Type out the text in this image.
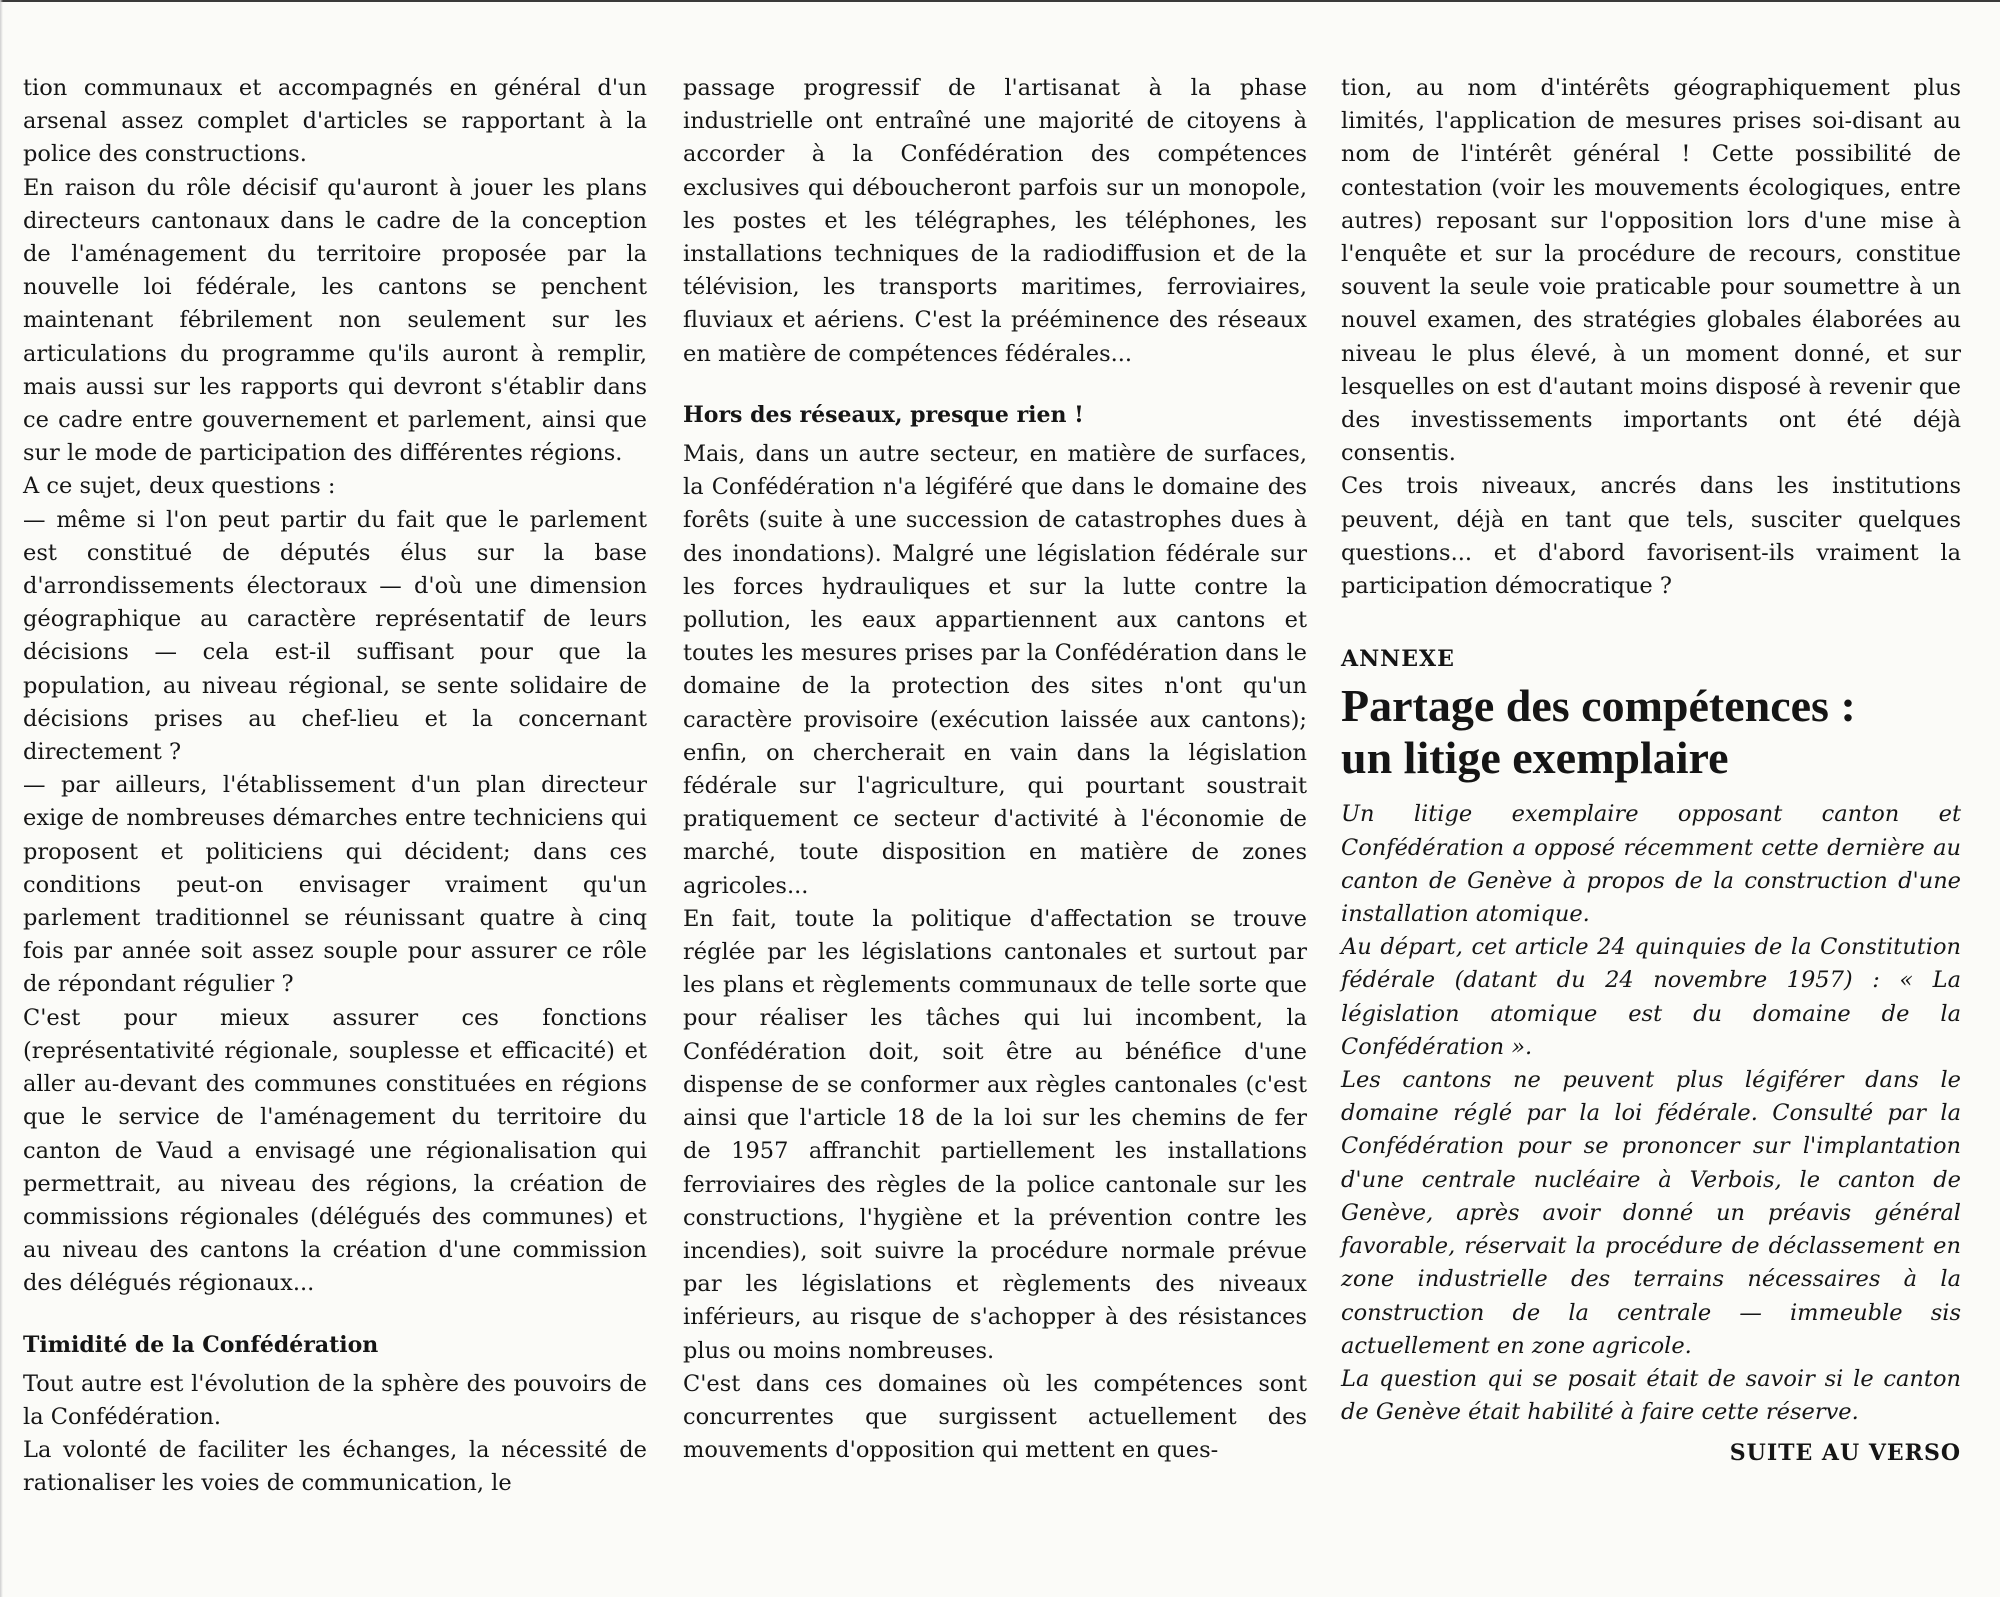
tion communaux et accompagnés en général d'un arsenal assez complet d'articles se rapportant à la police des constructions.

En raison du rôle décisif qu'auront à jouer les plans directeurs cantonaux dans le cadre de la conception de l'aménagement du territoire proposée par la nouvelle loi fédérale, les cantons se penchent maintenant fébrilement non seulement sur les articulations du programme qu'ils auront à remplir, mais aussi sur les rapports qui devront s'établir dans ce cadre entre gouvernement et parlement, ainsi que sur le mode de participation des différentes régions.

A ce sujet, deux questions :

— même si l'on peut partir du fait que le parlement est constitué de députés élus sur la base d'arrondissements électoraux — d'où une dimension géographique au caractère représentatif de leurs décisions — cela est-il suffisant pour que la population, au niveau régional, se sente solidaire de décisions prises au chef-lieu et la concernant directement ?

— par ailleurs, l'établissement d'un plan directeur exige de nombreuses démarches entre techniciens qui proposent et politiciens qui décident; dans ces conditions peut-on envisager vraiment qu'un parlement traditionnel se réunissant quatre à cinq fois par année soit assez souple pour assurer ce rôle de répondant régulier ?

C'est pour mieux assurer ces fonctions (représentativité régionale, souplesse et efficacité) et aller au-devant des communes constituées en régions que le service de l'aménagement du territoire du canton de Vaud a envisagé une régionalisation qui permettrait, au niveau des régions, la création de commissions régionales (délégués des communes) et au niveau des cantons la création d'une commission des délégués régionaux...

Timidité de la Confédération

Tout autre est l'évolution de la sphère des pouvoirs de la Confédération.

La volonté de faciliter les échanges, la nécessité de rationaliser les voies de communication, le

passage progressif de l'artisanat à la phase industrielle ont entraîné une majorité de citoyens à accorder à la Confédération des compétences exclusives qui déboucheront parfois sur un monopole, les postes et les télégraphes, les téléphones, les installations techniques de la radiodiffusion et de la télévision, les transports maritimes, ferroviaires, fluviaux et aériens. C'est la prééminence des réseaux en matière de compétences fédérales...

Hors des réseaux, presque rien !

Mais, dans un autre secteur, en matière de surfaces, la Confédération n'a légiféré que dans le domaine des forêts (suite à une succession de catastrophes dues à des inondations). Malgré une législation fédérale sur les forces hydrauliques et sur la lutte contre la pollution, les eaux appartiennent aux cantons et toutes les mesures prises par la Confédération dans le domaine de la protection des sites n'ont qu'un caractère provisoire (exécution laissée aux cantons); enfin, on chercherait en vain dans la législation fédérale sur l'agriculture, qui pourtant soustrait pratiquement ce secteur d'activité à l'économie de marché, toute disposition en matière de zones agricoles...

En fait, toute la politique d'affectation se trouve réglée par les législations cantonales et surtout par les plans et règlements communaux de telle sorte que pour réaliser les tâches qui lui incombent, la Confédération doit, soit être au bénéfice d'une dispense de se conformer aux règles cantonales (c'est ainsi que l'article 18 de la loi sur les chemins de fer de 1957 affranchit partiellement les installations ferroviaires des règles de la police cantonale sur les constructions, l'hygiène et la prévention contre les incendies), soit suivre la procédure normale prévue par les législations et règlements des niveaux inférieurs, au risque de s'achopper à des résistances plus ou moins nombreuses.

C'est dans ces domaines où les compétences sont concurrentes que surgissent actuellement des mouvements d'opposition qui mettent en ques-

tion, au nom d'intérêts géographiquement plus limités, l'application de mesures prises soi-disant au nom de l'intérêt général ! Cette possibilité de contestation (voir les mouvements écologiques, entre autres) reposant sur l'opposition lors d'une mise à l'enquête et sur la procédure de recours, constitue souvent la seule voie praticable pour soumettre à un nouvel examen, des stratégies globales élaborées au niveau le plus élevé, à un moment donné, et sur lesquelles on est d'autant moins disposé à revenir que des investissements importants ont été déjà consentis.

Ces trois niveaux, ancrés dans les institutions peuvent, déjà en tant que tels, susciter quelques questions... et d'abord favorisent-ils vraiment la participation démocratique ?

ANNEXE

Partage des compétences :
un litige exemplaire

Un litige exemplaire opposant canton et Confédération a opposé récemment cette dernière au canton de Genève à propos de la construction d'une installation atomique.

Au départ, cet article 24 quinquies de la Constitution fédérale (datant du 24 novembre 1957) : « La législation atomique est du domaine de la Confédération ».

Les cantons ne peuvent plus légiférer dans le domaine réglé par la loi fédérale. Consulté par la Confédération pour se prononcer sur l'implantation d'une centrale nucléaire à Verbois, le canton de Genève, après avoir donné un préavis général favorable, réservait la procédure de déclassement en zone industrielle des terrains nécessaires à la construction de la centrale — immeuble sis actuellement en zone agricole.

La question qui se posait était de savoir si le canton de Genève était habilité à faire cette réserve.

SUITE AU VERSO
